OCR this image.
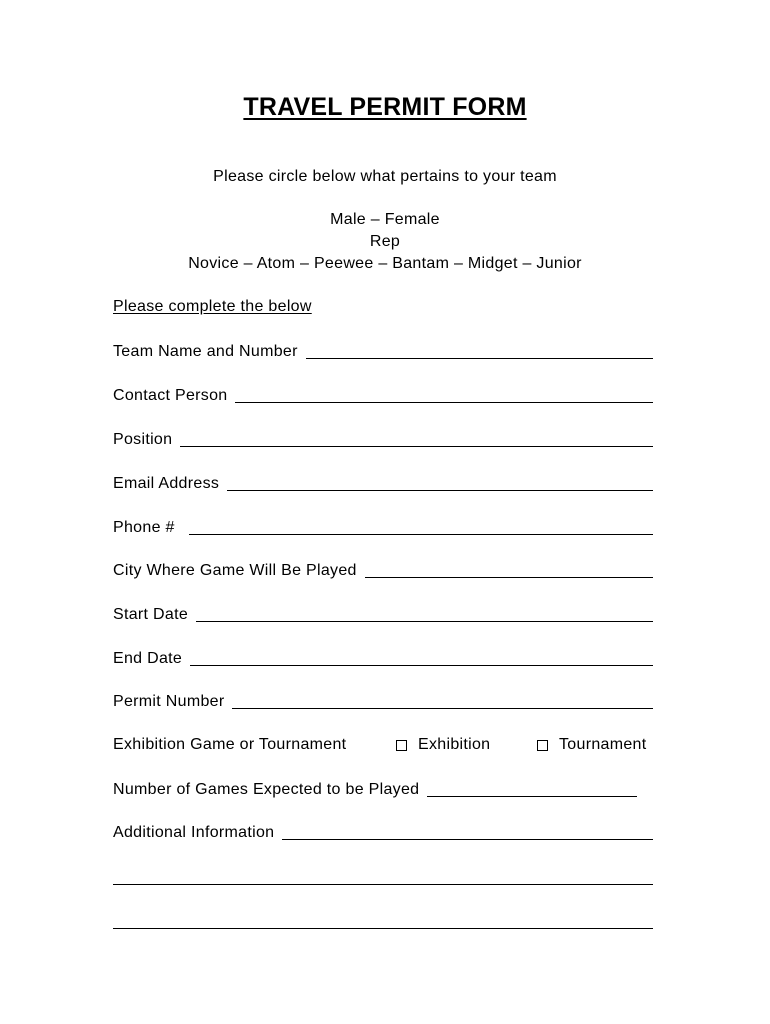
TRAVEL PERMIT FORM
Please circle below what pertains to your team
Male – Female
Rep
Novice – Atom – Peewee – Bantam – Midget – Junior
Please complete the below
Team Name and Number
Contact Person
Position
Email Address
Phone #
City Where Game Will Be Played
Start Date
End Date
Permit Number
Exhibition Game or Tournament	Exhibition	Tournament
Number of Games Expected to be Played
Additional Information
